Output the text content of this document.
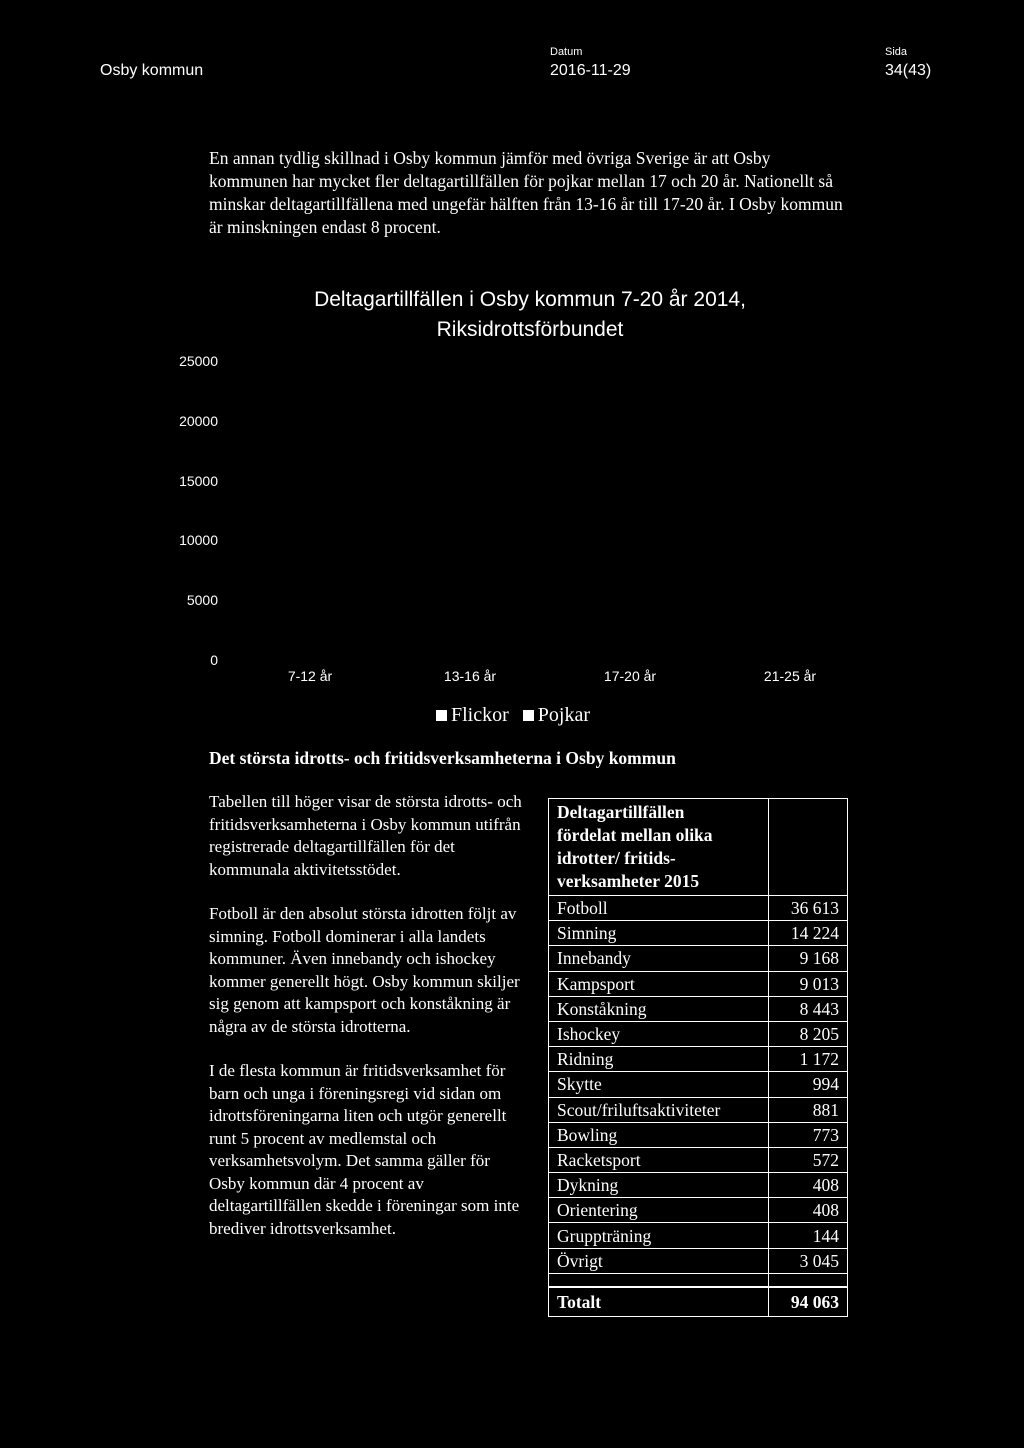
Osby kommun
Datum
2016-11-29
Sida
34(43)
En annan tydlig skillnad i Osby kommun jämför med övriga Sverige är att Osby kommunen har mycket fler deltagartillfällen för pojkar mellan 17 och 20 år. Nationellt så minskar deltagartillfällena med ungefär hälften från 13-16 år till 17-20 år. I Osby kommun är minskningen endast 8 procent.
Deltagartillfällen i Osby kommun 7-20 år 2014, Riksidrottsförbundet
0
5000
10000
15000
20000
25000
7-12 år	13-16 år	17-20 år	21-25 år
Flickor Pojkar
Det största idrotts- och fritidsverksamheterna i Osby kommun

Tabellen till höger visar de största idrotts- och fritidsverksamheterna i Osby kommun utifrån registrerade deltagartillfällen för det kommunala aktivitetsstödet.

Fotboll är den absolut största idrotten följt av simning. Fotboll dominerar i alla landets kommuner. Även innebandy och ishockey kommer generellt högt. Osby kommun skiljer sig genom att kampsport och konståkning är några av de största idrotterna.

I de flesta kommun är fritidsverksamhet för barn och unga i föreningsregi vid sidan om idrottsföreningarna liten och utgör generellt runt 5 procent av medlemstal och verksamhetsvolym. Det samma gäller för Osby kommun där 4 procent av deltagartillfällen skedde i föreningar som inte brediver idrottsverksamhet.

Deltagartillfällen
fördelat mellan olika
idrotter/ fritids-
verksamheter 2015	

Fotboll	36 613
Simning	14 224
Innebandy	9 168
Kampsport	9 013
Konståkning	8 443
Ishockey	8 205
Ridning	1 172
Skytte	994
Scout/friluftsaktiviteter	881
Bowling	773
Racketsport	572
Dykning	408
Orientering	408
Gruppträning	144
Övrigt	3 045

Totalt	94 063
